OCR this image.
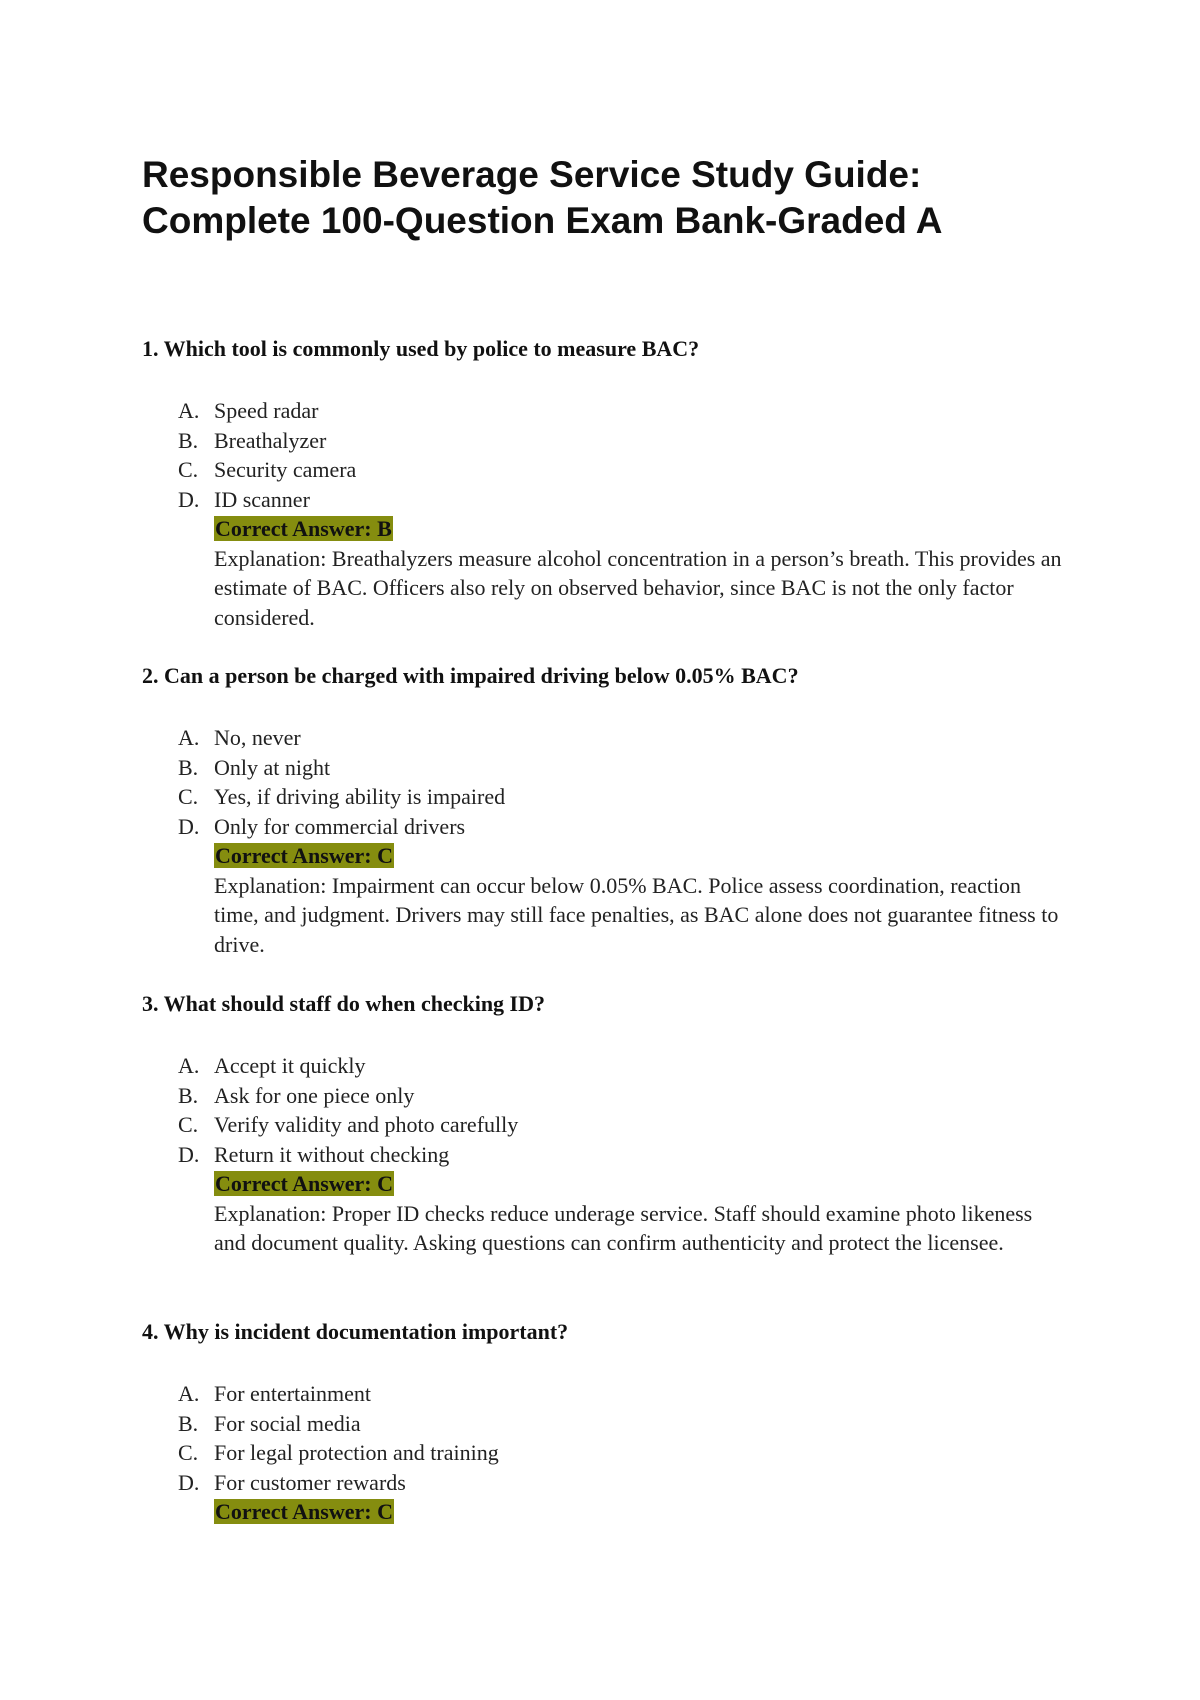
Responsible Beverage Service Study Guide: Complete 100-Question Exam Bank-Graded A

1. Which tool is commonly used by police to measure BAC?

A. Speed radar
B. Breathalyzer
C. Security camera
D. ID scanner
Correct Answer: B

Explanation: Breathalyzers measure alcohol concentration in a person’s breath. This provides an estimate of BAC. Officers also rely on observed behavior, since BAC is not the only factor considered.

2. Can a person be charged with impaired driving below 0.05% BAC?

A. No, never
B. Only at night
C. Yes, if driving ability is impaired
D. Only for commercial drivers
Correct Answer: C

Explanation: Impairment can occur below 0.05% BAC. Police assess coordination, reaction time, and judgment. Drivers may still face penalties, as BAC alone does not guarantee fitness to drive.

3. What should staff do when checking ID?

A. Accept it quickly
B. Ask for one piece only
C. Verify validity and photo carefully
D. Return it without checking
Correct Answer: C

Explanation: Proper ID checks reduce underage service. Staff should examine photo likeness and document quality. Asking questions can confirm authenticity and protect the licensee.

4. Why is incident documentation important?

A. For entertainment
B. For social media
C. For legal protection and training
D. For customer rewards
Correct Answer: C
